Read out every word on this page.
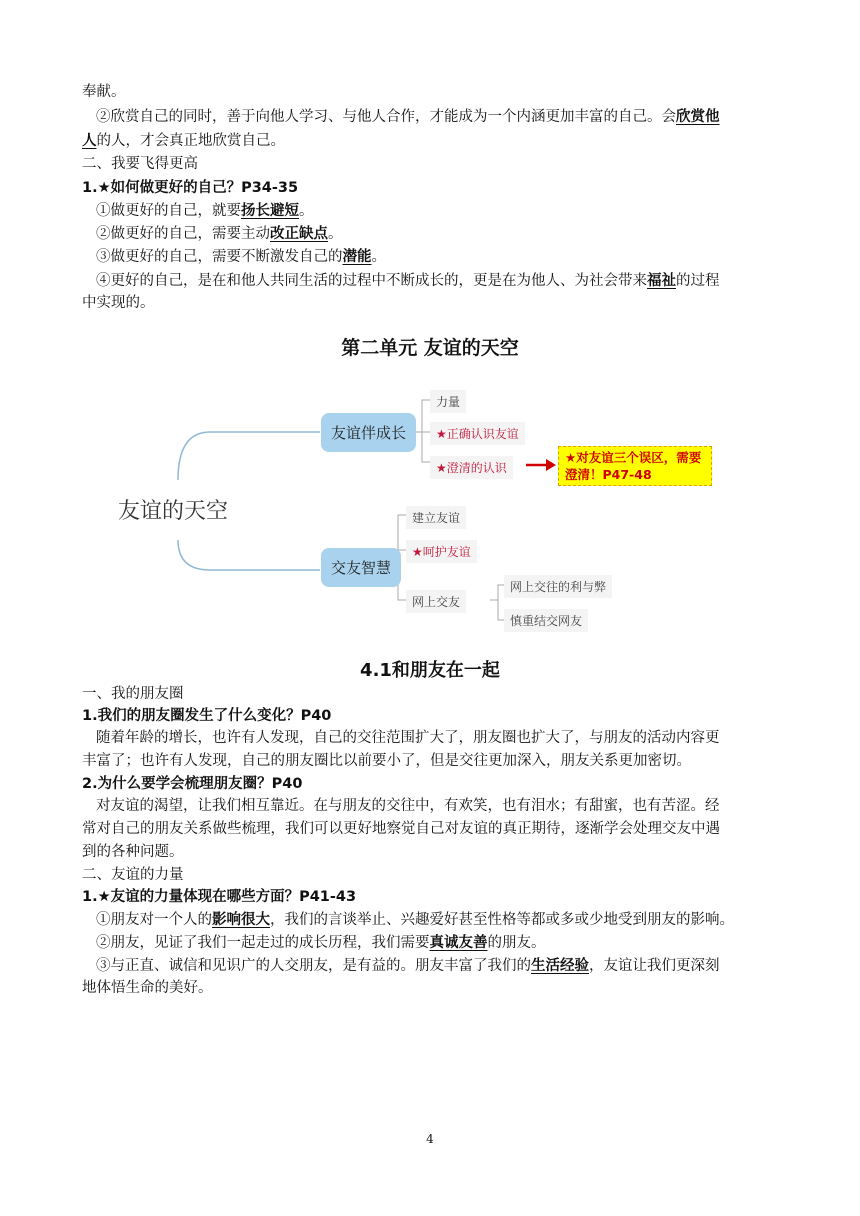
奉献。
②欣赏自己的同时，善于向他人学习、与他人合作，才能成为一个内涵更加丰富的自己。会欣赏他
人的人，才会真正地欣赏自己。
二、我要飞得更高
1.★如何做更好的自己？P34-35
①做更好的自己，就要扬长避短。
②做更好的自己，需要主动改正缺点。
③做更好的自己，需要不断激发自己的潜能。
④更好的自己，是在和他人共同生活的过程中不断成长的，更是在为他人、为社会带来福祉的过程
中实现的。
第二单元 友谊的天空
友谊的天空
友谊伴成长
力量
★正确认识友谊
★澄清的认识
★对友谊三个误区，需要澄清！P47-48
交友智慧
建立友谊
★呵护友谊
网上交友
网上交往的利与弊
慎重结交网友
4.1和朋友在一起
一、我的朋友圈
1.我们的朋友圈发生了什么变化？P40
随着年龄的增长，也许有人发现，自己的交往范围扩大了，朋友圈也扩大了，与朋友的活动内容更
丰富了；也许有人发现，自己的朋友圈比以前要小了，但是交往更加深入，朋友关系更加密切。
2.为什么要学会梳理朋友圈？P40
对友谊的渴望，让我们相互靠近。在与朋友的交往中，有欢笑，也有泪水；有甜蜜，也有苦涩。经
常对自己的朋友关系做些梳理，我们可以更好地察觉自己对友谊的真正期待，逐渐学会处理交友中遇
到的各种问题。
二、友谊的力量
1.★友谊的力量体现在哪些方面？P41-43
①朋友对一个人的影响很大，我们的言谈举止、兴趣爱好甚至性格等都或多或少地受到朋友的影响。
②朋友，见证了我们一起走过的成长历程，我们需要真诚友善的朋友。
③与正直、诚信和见识广的人交朋友，是有益的。朋友丰富了我们的生活经验，友谊让我们更深刻
地体悟生命的美好。
4
